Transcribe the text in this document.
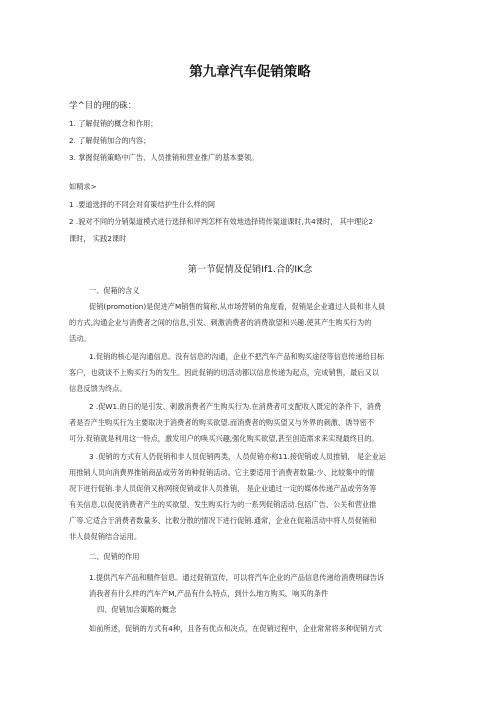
第九章汽车促销策略
学^目的理的硃：
1. 了解促销的概念和作用；
2. 了解促销加合的内容；
3. 掌握促销策略中广告、人员推销和营业推广的基本要领。
如精求>
1 .要道选择的不同会对育策结护生什么样的阿
2 .貌对不同的分销渠道模式进行选择和评判怎样有效地选择铸传渠道课时,共4课时， 其中理论2
课时， 实践2课时
第一节促情及促销If1.合的IK念
一、促箱的含义
促销(promotion)是促进产M销售的简称,从市场营销的角度看，促销是企业通过人員和非人員
的方式,沟通企业与消费者之间的信息,引发、刺激消费者的消费欲望和兴趣.使其产生购买行为的
活动。
1.促销的核心是沟通信息。没有信息的沟通，企业不把汽车产品和购买途径等信息传递给目标
客户，也就谈不上购买行为的发生。因此促销的切活动都以信息传递为起点，完成销售，最后又以
信息反馈为终点。
2 .促W1.的日的是引发、刺激消费者产生购买行为.在消费者可支配收入既定的条件下，消费
者是否产生购买行为主要取决于消费者的购买欲望.而消费者的购买望又与外界的刺激、诱导密不
可分.促销就是利用这一特点，激发用户的唤买兴趣,强化购买欲望,甚至创造需求来实现最终目的。
3 .促销的方式有人仍促销和非人员促销两类，人员促销亦称11.接促销或人员推销， 是企业运
用推销人员向消费界推销商品或劳务的种促销活动。它主要适用于消费者数量:少、比较集中的情
况下进行促销.非人员促俏又称网接促销或非人员推销， 是企业通过一定的媒体传递产品或劳务等
有关信息,以促使消费者产生的买欲望、发生购买行为的一系列促销活动.包括广告、公关和营业推
广等.它适合于消费者数量多、比敕分散的情况下进行促销.通常，企业在促箱活动中将人员促销和
非人員促销结合运用。
二、促销的作用
1.提供汽车产品和精件信息。通过促销宣传，可以将汽车企业的产品信息传递给消费明碌告诉
消我者有什么样的汽车产M,产品有什么特点，到什么地方购买，响买的条件
四、促销加合策略的概念
如前所述，促销的方式有4种，且各有优点和决点，在促销过程中，企业常常将多种促销方式
